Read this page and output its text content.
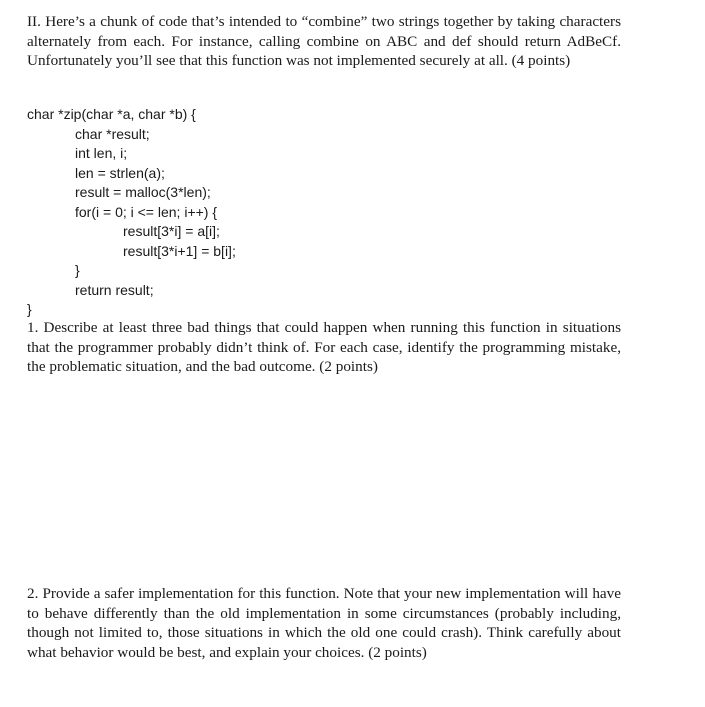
II. Here’s a chunk of code that’s intended to “combine” two strings together by taking characters alternately from each. For instance, calling combine on ABC and def should return AdBeCf. Unfortunately you’ll see that this function was not implemented securely at all. (4 points)

char *zip(char *a, char *b) {
char *result;
int len, i;
len = strlen(a);
result = malloc(3*len);
for(i = 0; i <= len; i++) {
result[3*i] = a[i];
result[3*i+1] = b[i];
}
return result;
}

1. Describe at least three bad things that could happen when running this function in situations that the programmer probably didn’t think of. For each case, identify the programming mistake, the problematic situation, and the bad outcome. (2 points)

2. Provide a safer implementation for this function. Note that your new implementation will have to behave differently than the old implementation in some circumstances (probably including, though not limited to, those situations in which the old one could crash). Think carefully about what behavior would be best, and explain your choices. (2 points)
